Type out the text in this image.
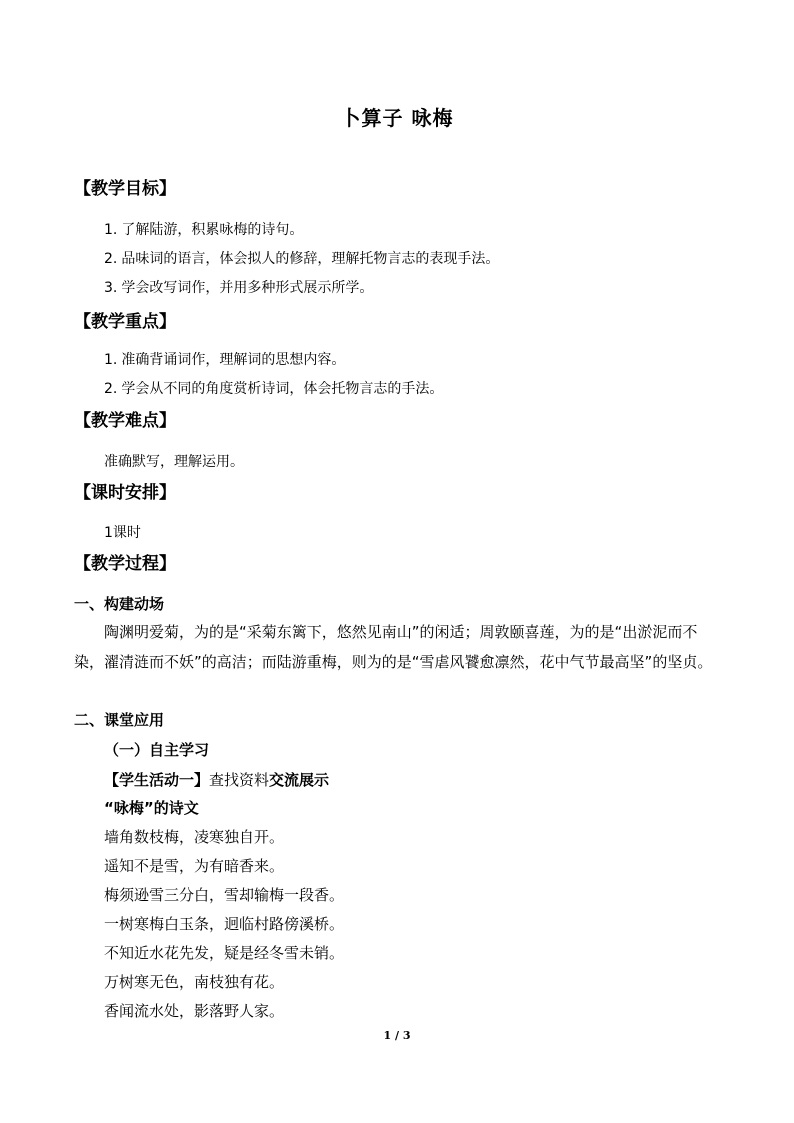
卜算子 咏梅
【教学目标】
1. 了解陆游，积累咏梅的诗句。
2. 品味词的语言，体会拟人的修辞，理解托物言志的表现手法。
3. 学会改写词作，并用多种形式展示所学。
【教学重点】
1. 准确背诵词作，理解词的思想内容。
2. 学会从不同的角度赏析诗词，体会托物言志的手法。
【教学难点】
准确默写，理解运用。
【课时安排】
1课时
【教学过程】
一、构建动场
陶渊明爱菊，为的是“采菊东篱下，悠然见南山”的闲适；周敦颐喜莲，为的是“出淤泥而不染，濯清涟而不妖”的高洁；而陆游重梅，则为的是“雪虐风饕愈凛然，花中气节最高坚”的坚贞。
二、课堂应用
（一）自主学习
【学生活动一】查找资料交流展示
“咏梅”的诗文
墙角数枝梅，凌寒独自开。
遥知不是雪，为有暗香来。
梅须逊雪三分白，雪却输梅一段香。
一树寒梅白玉条，迥临村路傍溪桥。
不知近水花先发，疑是经冬雪未销。
万树寒无色，南枝独有花。
香闻流水处，影落野人家。
1 / 3
